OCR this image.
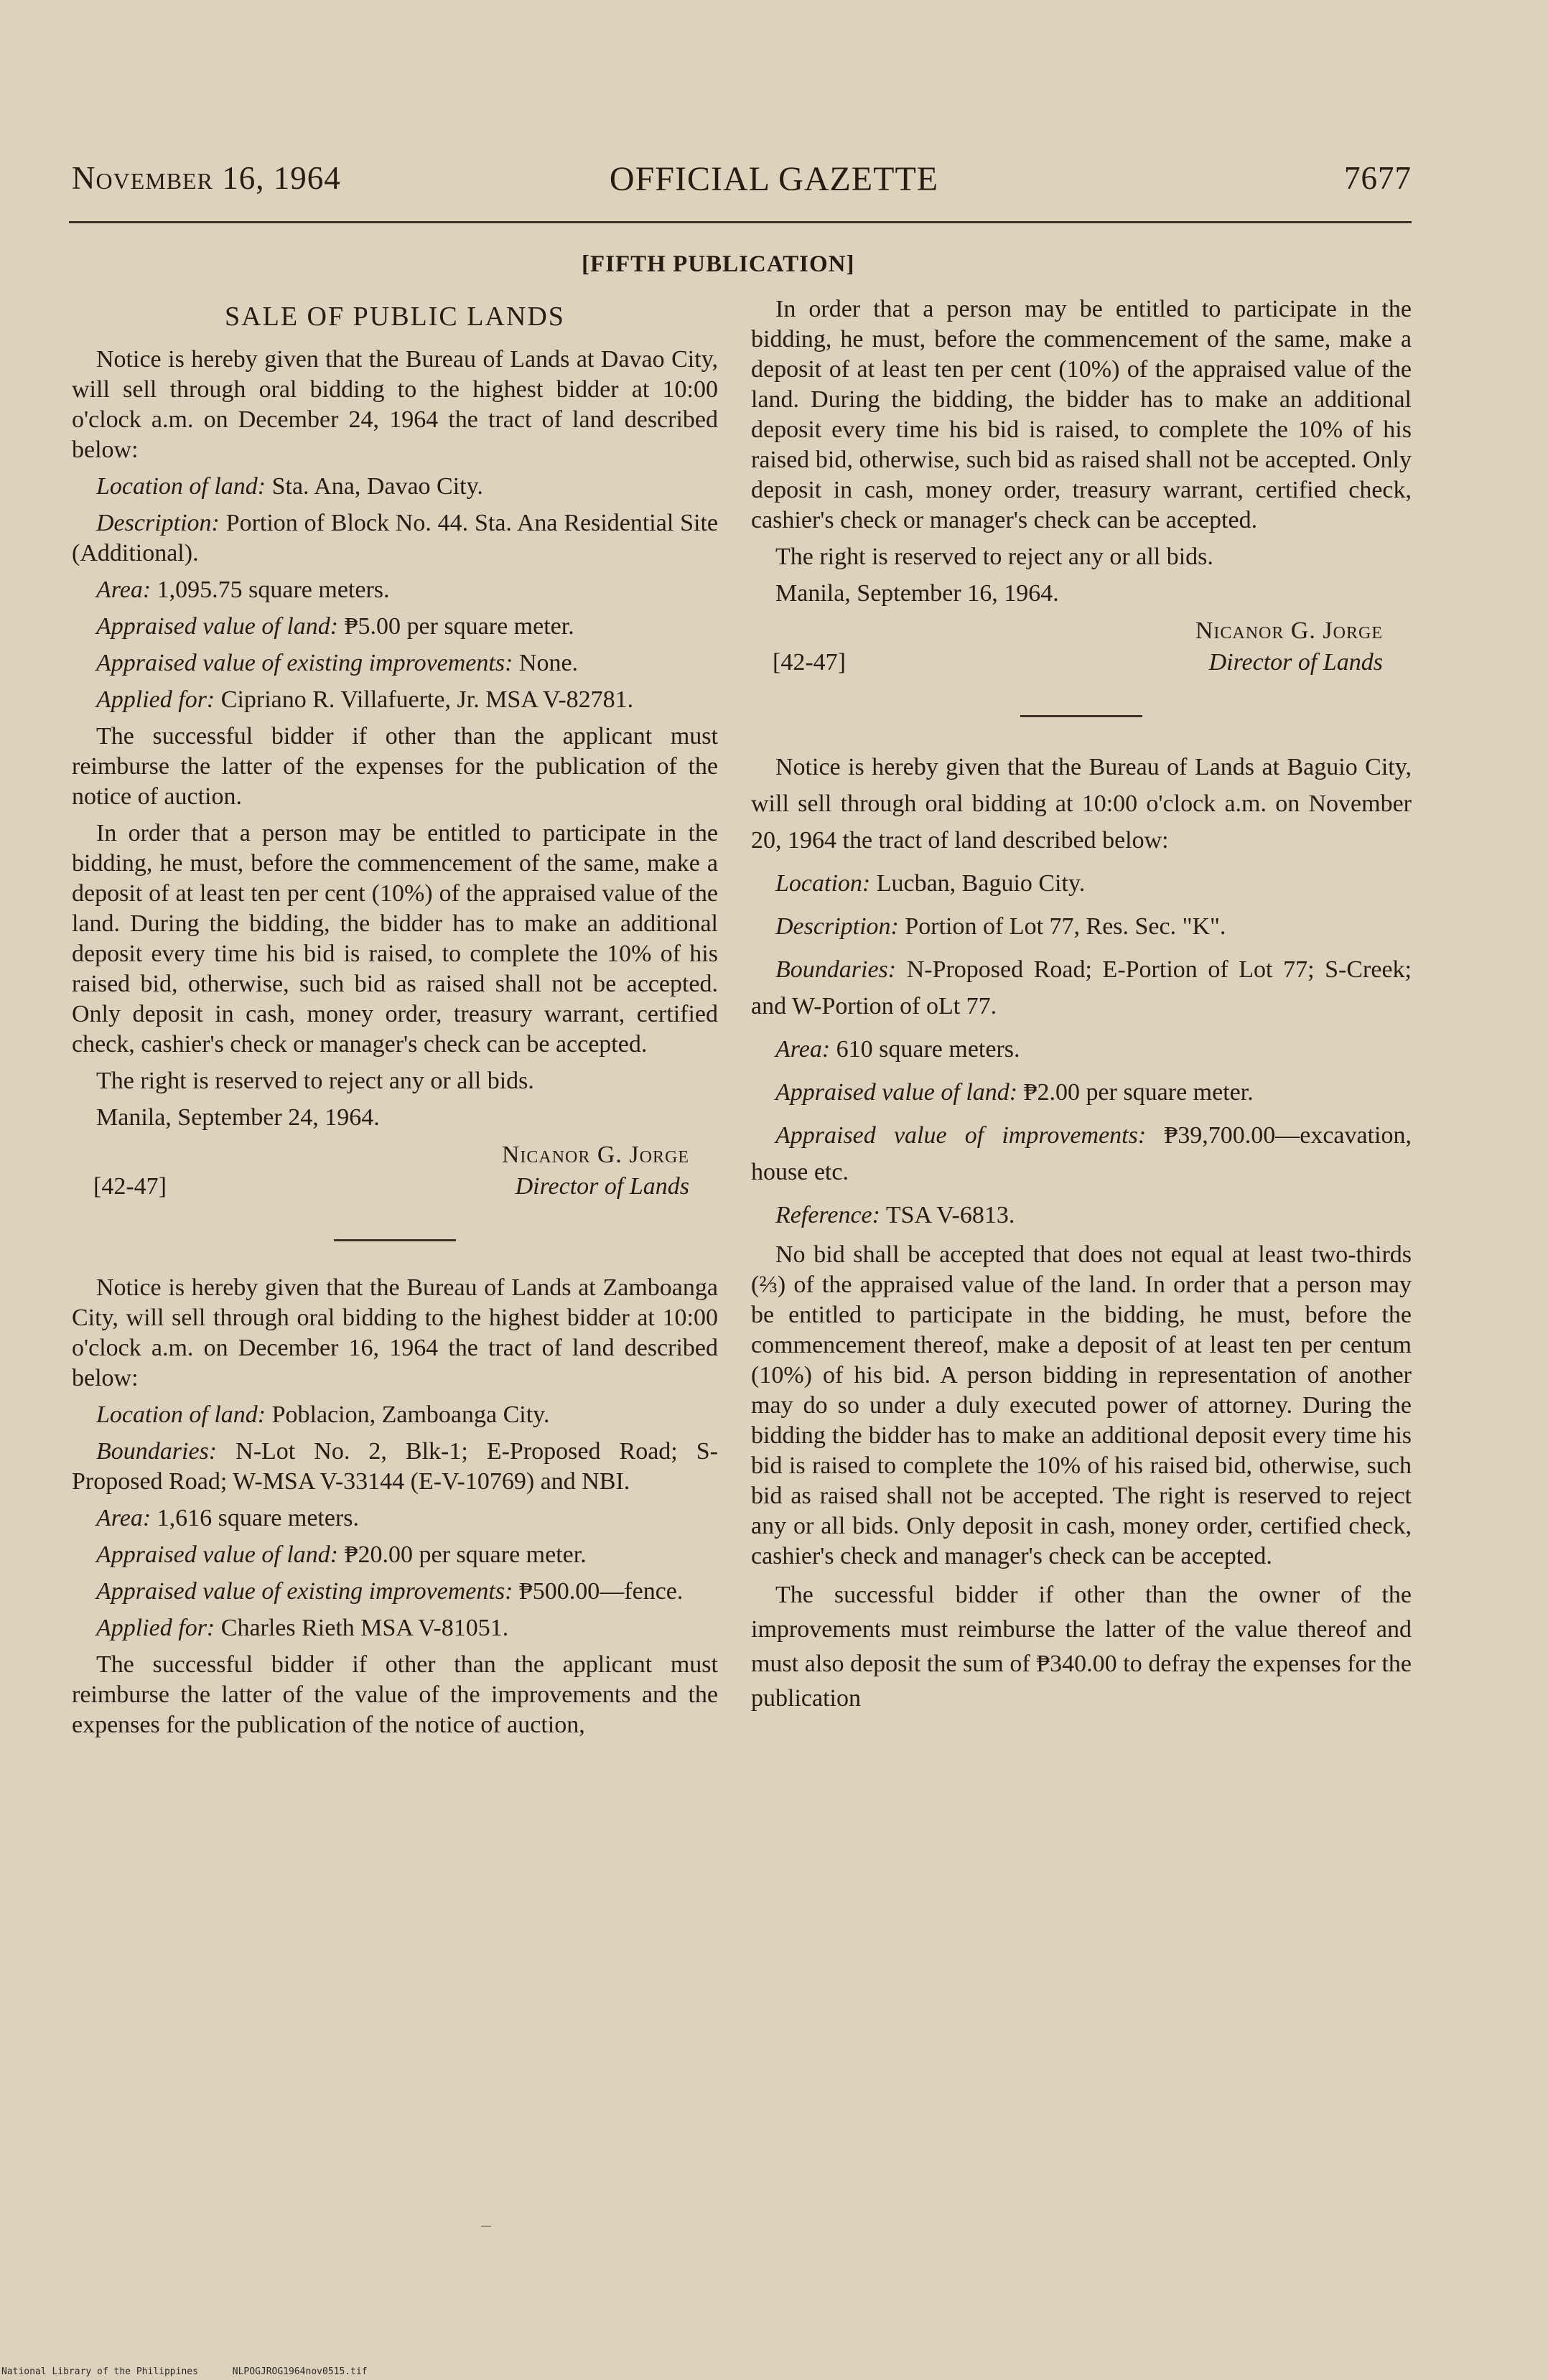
November 16, 1964	OFFICIAL GAZETTE	7677
[FIFTH PUBLICATION]
SALE OF PUBLIC LANDS

Notice is hereby given that the Bureau of Lands at Davao City, will sell through oral bidding to the highest bidder at 10:00 o'clock a.m. on December 24, 1964 the tract of land described below:

Location of land: Sta. Ana, Davao City.

Description: Portion of Block No. 44. Sta. Ana Residential Site (Additional).

Area: 1,095.75 square meters.

Appraised value of land: ₱5.00 per square meter.

Appraised value of existing improvements: None.

Applied for: Cipriano R. Villafuerte, Jr. MSA V-82781.

The successful bidder if other than the applicant must reimburse the latter of the expenses for the publication of the notice of auction.

In order that a person may be entitled to participate in the bidding, he must, before the commencement of the same, make a deposit of at least ten per cent (10%) of the appraised value of the land. During the bidding, the bidder has to make an additional deposit every time his bid is raised, to complete the 10% of his raised bid, otherwise, such bid as raised shall not be accepted. Only deposit in cash, money order, treasury warrant, certified check, cashier's check or manager's check can be accepted.

The right is reserved to reject any or all bids.

Manila, September 24, 1964.

Nicanor G. Jorge
Director of Lands
[42-47]

Notice is hereby given that the Bureau of Lands at Zamboanga City, will sell through oral bidding to the highest bidder at 10:00 o'clock a.m. on December 16, 1964 the tract of land described below:

Location of land: Poblacion, Zamboanga City.

Boundaries: N-Lot No. 2, Blk-1; E-Proposed Road; S-Proposed Road; W-MSA V-33144 (E-V-10769) and NBI.

Area: 1,616 square meters.

Appraised value of land: ₱20.00 per square meter.

Appraised value of existing improvements: ₱500.00—fence.

Applied for: Charles Rieth MSA V-81051.

The successful bidder if other than the applicant must reimburse the latter of the value of the improvements and the expenses for the publication of the notice of auction,

In order that a person may be entitled to participate in the bidding, he must, before the commencement of the same, make a deposit of at least ten per cent (10%) of the appraised value of the land. During the bidding, the bidder has to make an additional deposit every time his bid is raised, to complete the 10% of his raised bid, otherwise, such bid as raised shall not be accepted. Only deposit in cash, money order, treasury warrant, certified check, cashier's check or manager's check can be accepted.

The right is reserved to reject any or all bids.

Manila, September 16, 1964.

Nicanor G. Jorge
Director of Lands
[42-47]

Notice is hereby given that the Bureau of Lands at Baguio City, will sell through oral bidding at 10:00 o'clock a.m. on November 20, 1964 the tract of land described below:

Location: Lucban, Baguio City.

Description: Portion of Lot 77, Res. Sec. "K".

Boundaries: N-Proposed Road; E-Portion of Lot 77; S-Creek; and W-Portion of oLt 77.

Area: 610 square meters.

Appraised value of land: ₱2.00 per square meter.

Appraised value of improvements: ₱39,700.00—excavation, house etc.

Reference: TSA V-6813.

No bid shall be accepted that does not equal at least two-thirds (⅔) of the appraised value of the land. In order that a person may be entitled to participate in the bidding, he must, before the commencement thereof, make a deposit of at least ten per centum (10%) of his bid. A person bidding in representation of another may do so under a duly executed power of attorney. During the bidding the bidder has to make an additional deposit every time his bid is raised to complete the 10% of his raised bid, otherwise, such bid as raised shall not be accepted. The right is reserved to reject any or all bids. Only deposit in cash, money order, certified check, cashier's check and manager's check can be accepted.

The successful bidder if other than the owner of the improvements must reimburse the latter of the value thereof and must also deposit the sum of ₱340.00 to defray the expenses for the publication

National Library of the Philippines	NLPOGJROG1964nov0515.tif
